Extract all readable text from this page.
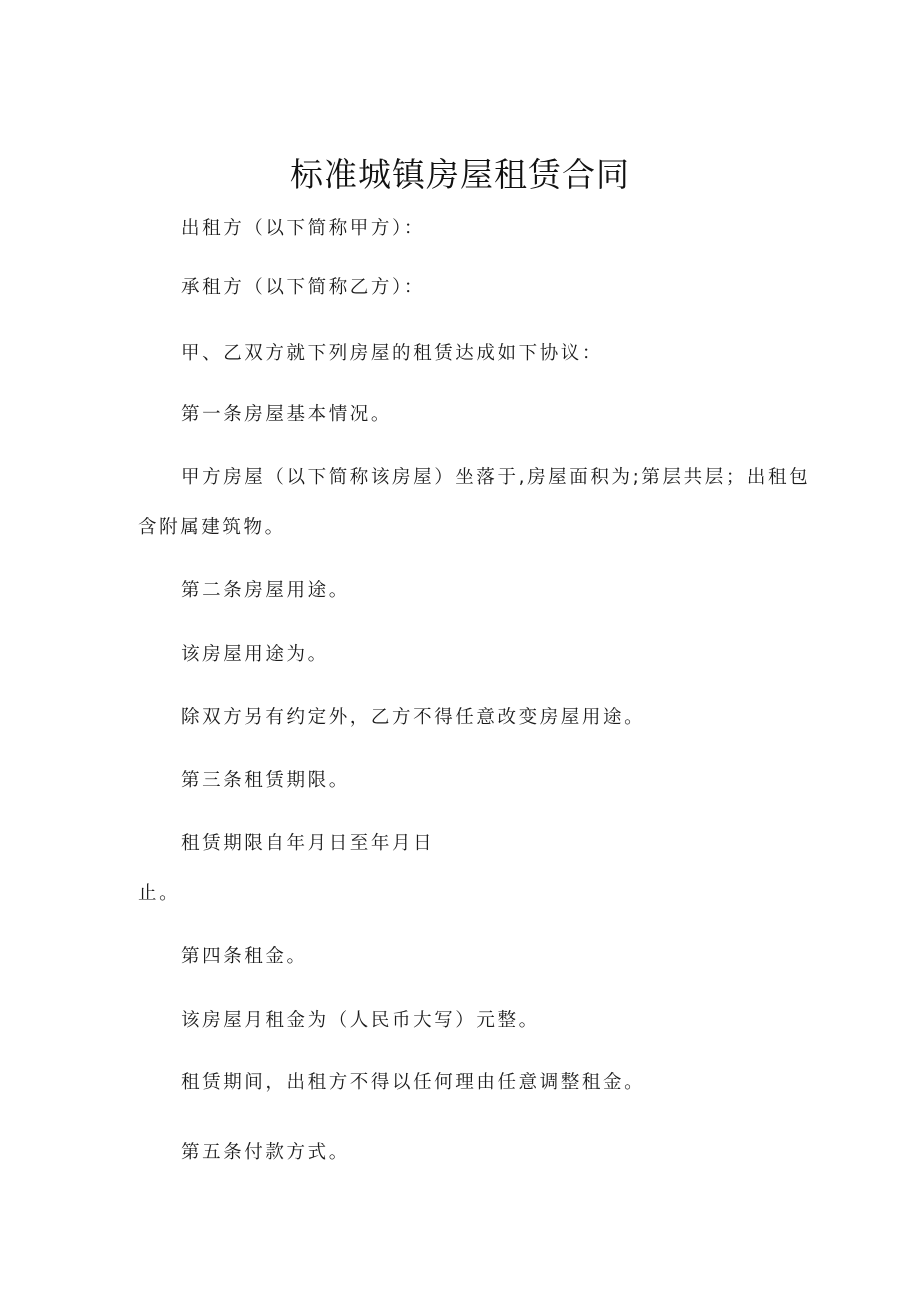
标准城镇房屋租赁合同

出租方（以下简称甲方）：

承租方（以下简称乙方）：

甲、乙双方就下列房屋的租赁达成如下协议：

第一条房屋基本情况。

甲方房屋（以下简称该房屋）坐落于,房屋面积为;第层共层；出租包

含附属建筑物。

第二条房屋用途。

该房屋用途为。

除双方另有约定外，乙方不得任意改变房屋用途。

第三条租赁期限。

租赁期限自年月日至年月日

止。

第四条租金。

该房屋月租金为（人民币大写）元整。

租赁期间，出租方不得以任何理由任意调整租金。

第五条付款方式。
